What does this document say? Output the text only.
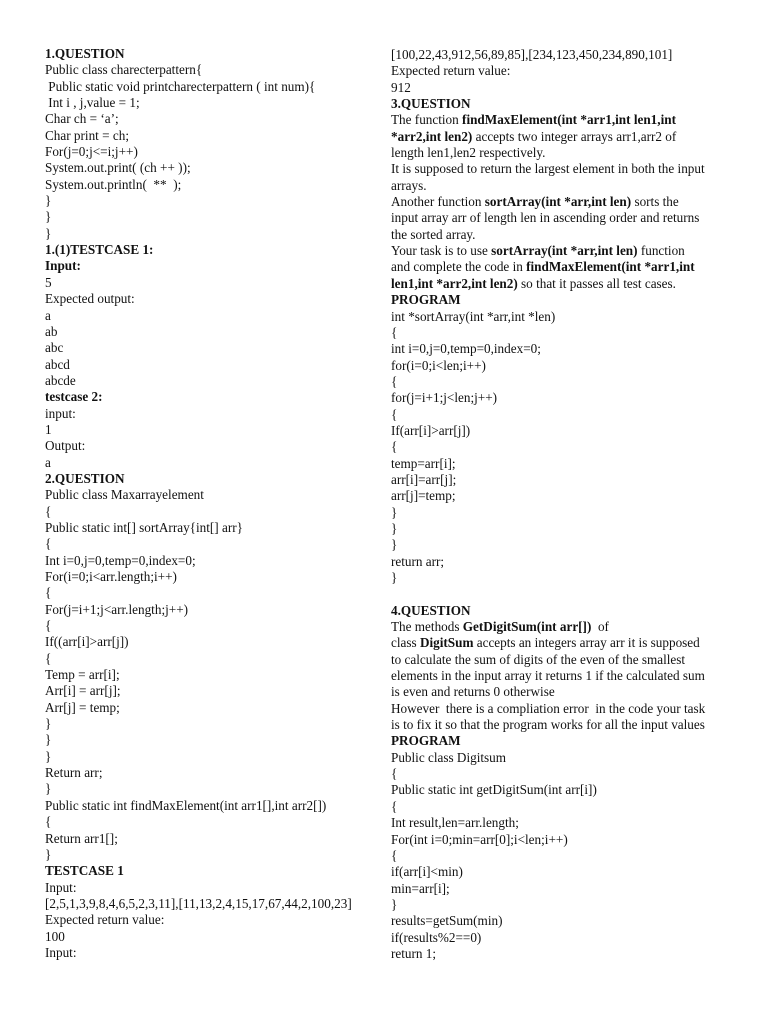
1.QUESTION
Public class charecterpattern{
Public static void printcharecterpattern ( int num){
Int i , j,value = 1;
Char ch = ‘a’;
Char print = ch;
For(j=0;j<=i;j++)
System.out.print( (ch ++ ));
System.out.println(  **  );
}
}
}
1.(1)TESTCASE 1:
Input:
5
Expected output:
a
ab
abc
abcd
abcde
testcase 2:
input:
1
Output:
a
2.QUESTION
Public class Maxarrayelement
{
Public static int[] sortArray{int[] arr}
{
Int i=0,j=0,temp=0,index=0;
For(i=0;i<arr.length;i++)
{
For(j=i+1;j<arr.length;j++)
{
If((arr[i]>arr[j])
{
Temp = arr[i];
Arr[i] = arr[j];
Arr[j] = temp;
}
}
}
Return arr;
}
Public static int findMaxElement(int arr1[],int arr2[])
{
Return arr1[];
}
TESTCASE 1
Input:
[2,5,1,3,9,8,4,6,5,2,3,11],[11,13,2,4,15,17,67,44,2,100,23]
Expected return value:
100
Input:
[100,22,43,912,56,89,85],[234,123,450,234,890,101]
Expected return value:
912
3.QUESTION
The function findMaxElement(int *arr1,int len1,int
*arr2,int len2) accepts two integer arrays arr1,arr2 of
length len1,len2 respectively.
It is supposed to return the largest element in both the input
arrays.
Another function sortArray(int *arr,int len) sorts the
input array arr of length len in ascending order and returns
the sorted array.
Your task is to use sortArray(int *arr,int len) function
and complete the code in findMaxElement(int *arr1,int
len1,int *arr2,int len2) so that it passes all test cases.
PROGRAM
int *sortArray(int *arr,int *len)
{
int i=0,j=0,temp=0,index=0;
for(i=0;i<len;i++)
{
for(j=i+1;j<len;j++)
{
If(arr[i]>arr[j])
{
temp=arr[i];
arr[i]=arr[j];
arr[j]=temp;
}
}
}
return arr;
}
4.QUESTION
The methods GetDigitSum(int arr[])  of
class DigitSum accepts an integers array arr it is supposed
to calculate the sum of digits of the even of the smallest
elements in the input array it returns 1 if the calculated sum
is even and returns 0 otherwise
However  there is a compliation error  in the code your task
is to fix it so that the program works for all the input values
PROGRAM
Public class Digitsum
{
Public static int getDigitSum(int arr[i])
{
Int result,len=arr.length;
For(int i=0;min=arr[0];i<len;i++)
{
if(arr[i]<min)
min=arr[i];
}
results=getSum(min)
if(results%2==0)
return 1;
